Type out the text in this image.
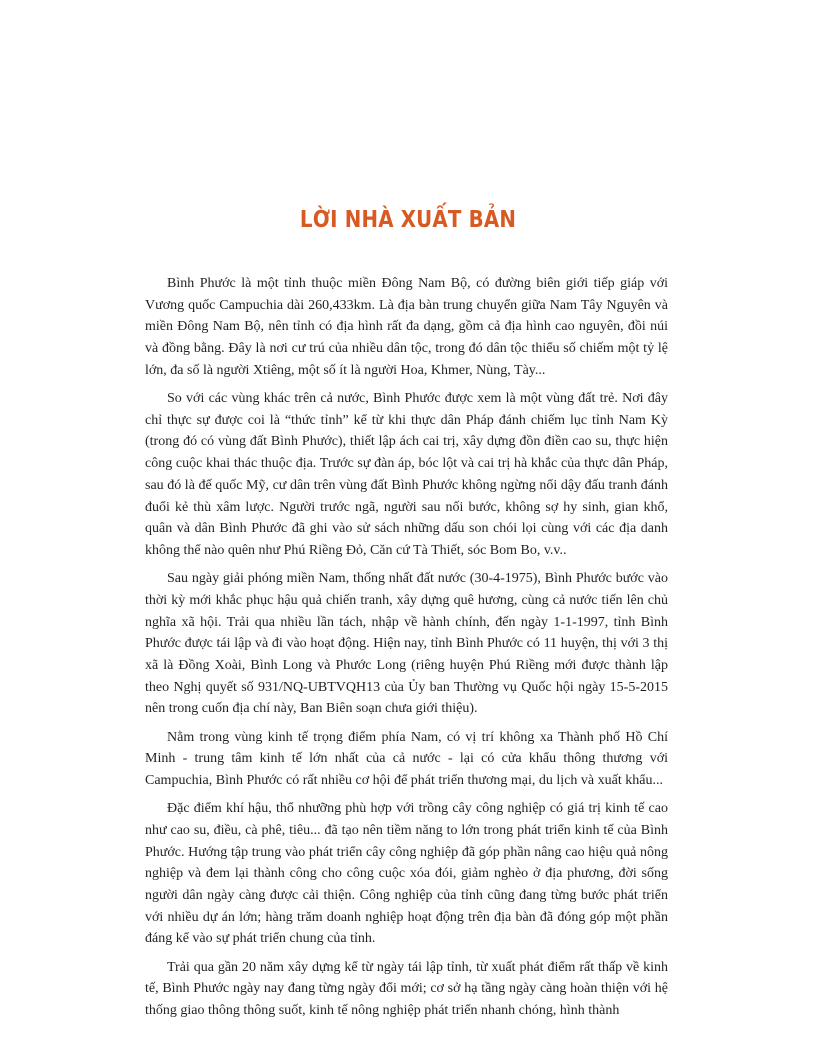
LỜI NHÀ XUẤT BẢN

Bình Phước là một tỉnh thuộc miền Đông Nam Bộ, có đường biên giới tiếp giáp với Vương quốc Campuchia dài 260,433km. Là địa bàn trung chuyển giữa Nam Tây Nguyên và miền Đông Nam Bộ, nên tỉnh có địa hình rất đa dạng, gồm cả địa hình cao nguyên, đồi núi và đồng bằng. Đây là nơi cư trú của nhiều dân tộc, trong đó dân tộc thiểu số chiếm một tỷ lệ lớn, đa số là người Xtiêng, một số ít là người Hoa, Khmer, Nùng, Tày...

So với các vùng khác trên cả nước, Bình Phước được xem là một vùng đất trẻ. Nơi đây chỉ thực sự được coi là “thức tỉnh” kể từ khi thực dân Pháp đánh chiếm lục tỉnh Nam Kỳ (trong đó có vùng đất Bình Phước), thiết lập ách cai trị, xây dựng đồn điền cao su, thực hiện công cuộc khai thác thuộc địa. Trước sự đàn áp, bóc lột và cai trị hà khắc của thực dân Pháp, sau đó là đế quốc Mỹ, cư dân trên vùng đất Bình Phước không ngừng nổi dậy đấu tranh đánh đuổi kẻ thù xâm lược. Người trước ngã, người sau nối bước, không sợ hy sinh, gian khổ, quân và dân Bình Phước đã ghi vào sử sách những dấu son chói lọi cùng với các địa danh không thể nào quên như Phú Riềng Đỏ, Căn cứ Tà Thiết, sóc Bom Bo, v.v..

Sau ngày giải phóng miền Nam, thống nhất đất nước (30-4-1975), Bình Phước bước vào thời kỳ mới khắc phục hậu quả chiến tranh, xây dựng quê hương, cùng cả nước tiến lên chủ nghĩa xã hội. Trải qua nhiều lần tách, nhập về hành chính, đến ngày 1-1-1997, tỉnh Bình Phước được tái lập và đi vào hoạt động. Hiện nay, tỉnh Bình Phước có 11 huyện, thị với 3 thị xã là Đồng Xoài, Bình Long và Phước Long (riêng huyện Phú Riềng mới được thành lập theo Nghị quyết số 931/NQ-UBTVQH13 của Ủy ban Thường vụ Quốc hội ngày 15-5-2015 nên trong cuốn địa chí này, Ban Biên soạn chưa giới thiệu).

Nằm trong vùng kinh tế trọng điểm phía Nam, có vị trí không xa Thành phố Hồ Chí Minh - trung tâm kinh tế lớn nhất của cả nước - lại có cửa khẩu thông thương với Campuchia, Bình Phước có rất nhiều cơ hội để phát triển thương mại, du lịch và xuất khẩu...

Đặc điểm khí hậu, thổ nhưỡng phù hợp với trồng cây công nghiệp có giá trị kinh tế cao như cao su, điều, cà phê, tiêu... đã tạo nên tiềm năng to lớn trong phát triển kinh tế của Bình Phước. Hướng tập trung vào phát triển cây công nghiệp đã góp phần nâng cao hiệu quả nông nghiệp và đem lại thành công cho công cuộc xóa đói, giảm nghèo ở địa phương, đời sống người dân ngày càng được cải thiện. Công nghiệp của tỉnh cũng đang từng bước phát triển với nhiều dự án lớn; hàng trăm doanh nghiệp hoạt động trên địa bàn đã đóng góp một phần đáng kể vào sự phát triển chung của tỉnh.

Trải qua gần 20 năm xây dựng kể từ ngày tái lập tỉnh, từ xuất phát điểm rất thấp về kinh tế, Bình Phước ngày nay đang từng ngày đổi mới; cơ sở hạ tầng ngày càng hoàn thiện với hệ thống giao thông thông suốt, kinh tế nông nghiệp phát triển nhanh chóng, hình thành
